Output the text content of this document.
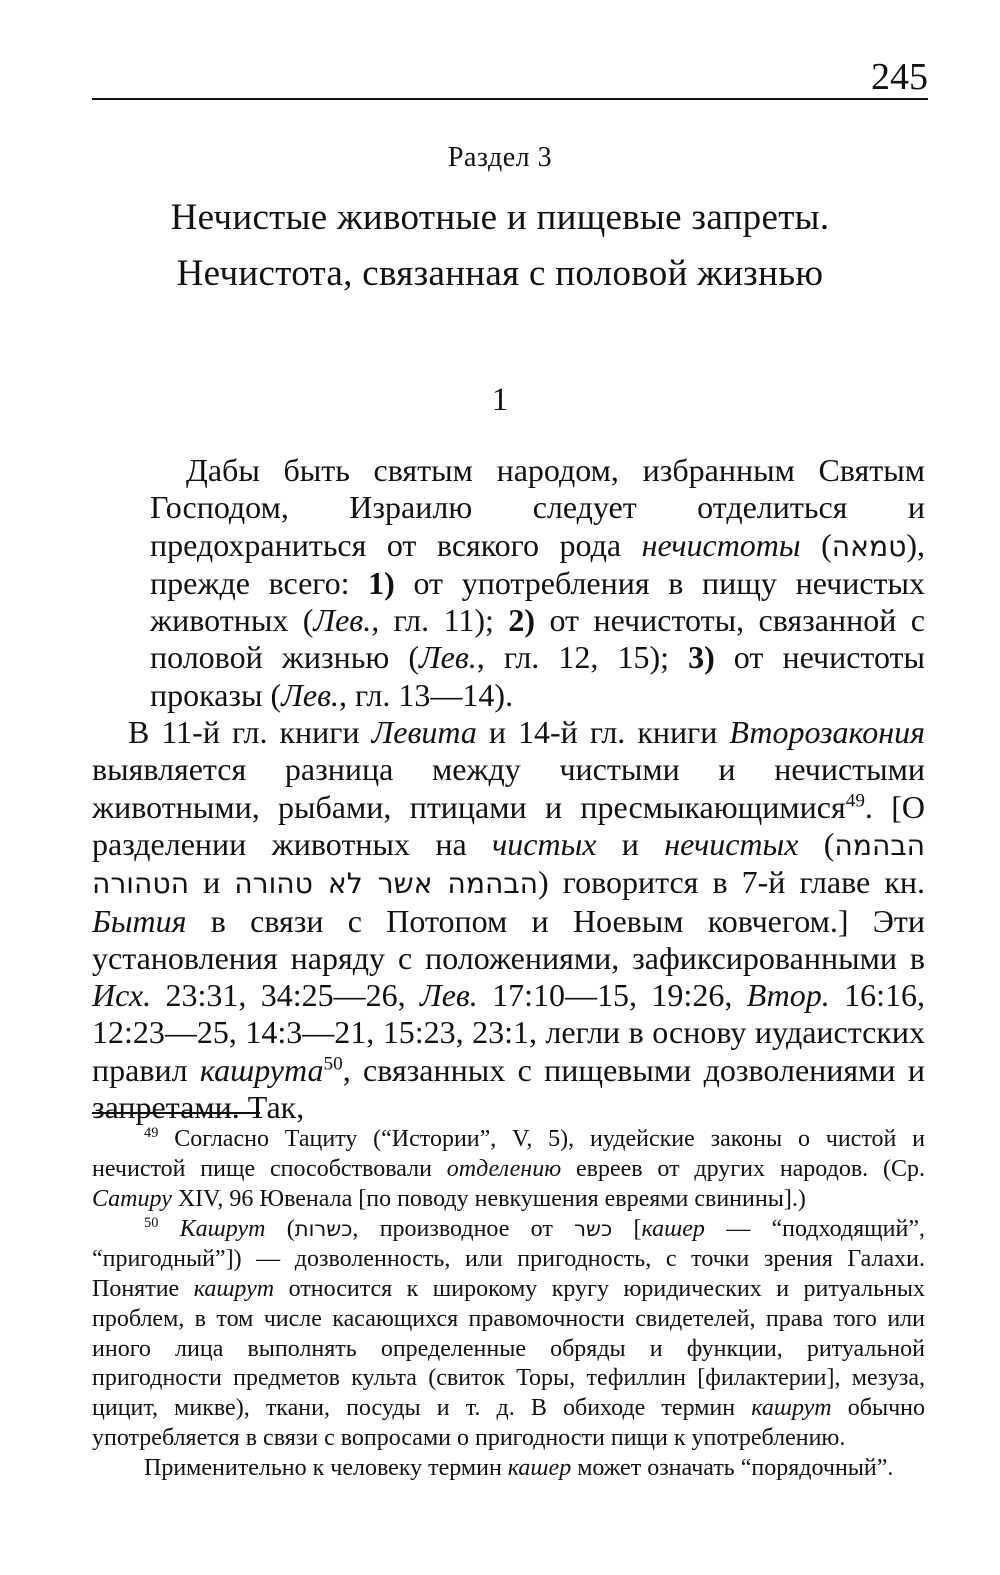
245
Раздел 3
Нечистые животные и пищевые запреты.
Нечистота, связанная с половой жизнью
1

Дабы быть святым народом, избранным Святым Господом, Израилю следует отделиться и предохраниться от всякого рода нечистоты (טמאה), прежде всего: 1) от употребления в пищу нечистых животных (Лев., гл. 11); 2) от нечистоты, связанной с половой жизнью (Лев., гл. 12, 15); 3) от нечистоты проказы (Лев., гл. 13—14).

В 11-й гл. книги Левита и 14-й гл. книги Второзакония выявляется разница между чистыми и нечистыми животными, рыбами, птицами и пресмыкающимися$^{49}$. [О разделении животных на чистых и нечистых (הבהמה הטהורה и הבהמה אשר לא טהורה) говорится в 7-й главе кн. Бытия в связи с Потопом и Ноевым ковчегом.] Эти установления наряду с положениями, зафиксированными в Исх. 23:31, 34:25—26, Лев. 17:10—15, 19:26, Втор. 16:16, 12:23—25, 14:3—21, 15:23, 23:1, легли в основу иудаистских правил кашрута$^{50}$, связанных с пищевыми дозволениями и запретами. Так,

$^{49}$ Согласно Тациту (“Истории”, V, 5), иудейские законы о чистой и нечистой пище способствовали отделению евреев от других народов. (Ср. Сатиру XIV, 96 Ювенала [по поводу невкушения евреями свинины].)

$^{50}$ Кашрут (כשרות, производное от כשר [кашер — “подходящий”, “пригодный”]) — дозволенность, или пригодность, с точки зрения Галахи. Понятие кашрут относится к широкому кругу юридических и ритуальных проблем, в том числе касающихся правомочности свидетелей, права того или иного лица выполнять определенные обряды и функции, ритуальной пригодности предметов культа (свиток Торы, тефиллин [филактерии], мезуза, цицит, микве), ткани, посуды и т. д. В обиходе термин кашрут обычно употребляется в связи с вопросами о пригодности пищи к употреблению.

Применительно к человеку термин кашер может означать “порядочный”.
